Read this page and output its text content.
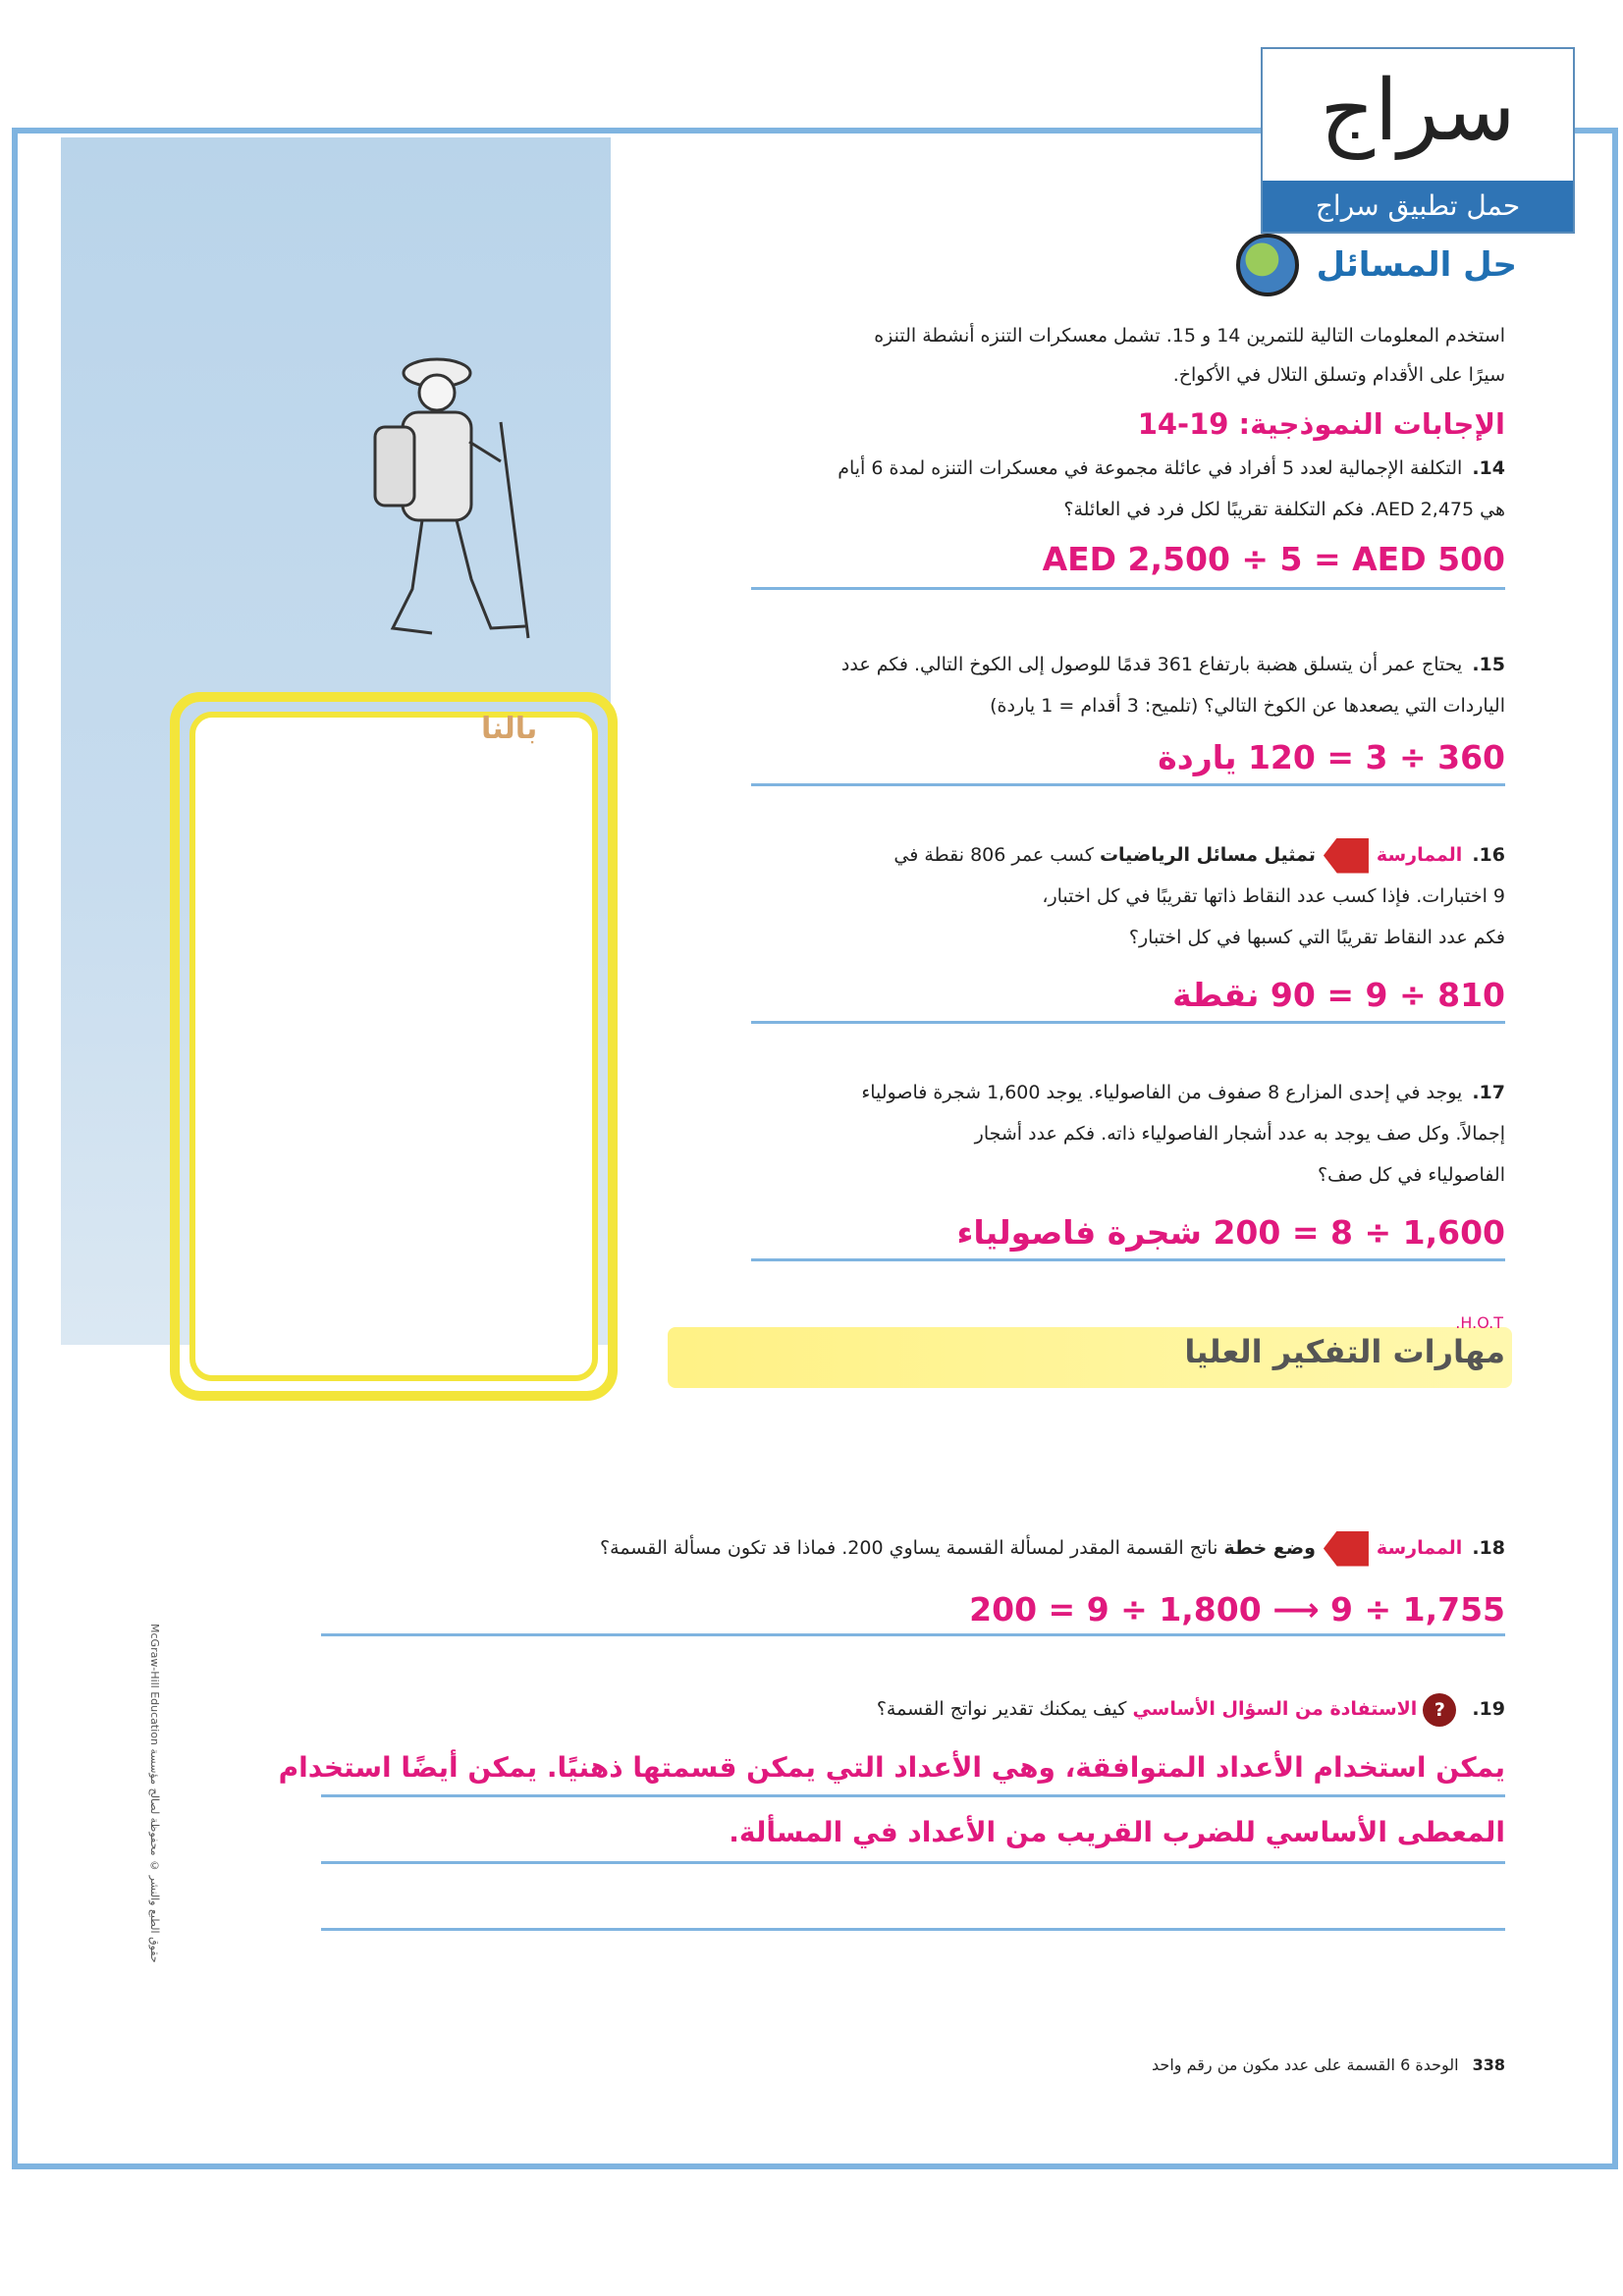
سراج
حمل تطبيق سراج
حل المسائل
استخدم المعلومات التالية للتمرين 14 و 15. تشمل معسكرات التنزه أنشطة التنزه
سيرًا على الأقدام وتسلق التلال في الأكواخ.
الإجابات النموذجية: 19-14
بالنا
14.التكلفة الإجمالية لعدد 5 أفراد في عائلة مجموعة في معسكرات التنزه لمدة 6 أيام
هي AED 2,475. فكم التكلفة تقريبًا لكل فرد في العائلة؟
AED 2,500 ÷ 5 = AED 500
15.يحتاج عمر أن يتسلق هضبة بارتفاع 361 قدمًا للوصول إلى الكوخ التالي. فكم عدد
الياردات التي يصعدها عن الكوخ التالي؟ (تلميح: 3 أقدام = 1 ياردة)
360 ÷ 3 = 120 ياردة
16.الممارسةتمثيل مسائل الرياضيات كسب عمر 806 نقطة في
9 اختبارات. فإذا كسب عدد النقاط ذاتها تقريبًا في كل اختبار،
فكم عدد النقاط تقريبًا التي كسبها في كل اختبار؟
810 ÷ 9 = 90 نقطة
17.يوجد في إحدى المزارع 8 صفوف من الفاصولياء. يوجد 1,600 شجرة فاصولياء
إجمالاً. وكل صف يوجد به عدد أشجار الفاصولياء ذاته. فكم عدد أشجار
الفاصولياء في كل صف؟
1,600 ÷ 8 = 200 شجرة فاصولياء
H.O.T.
مهارات التفكير العليا
18.الممارسةوضع خطة ناتج القسمة المقدر لمسألة القسمة يساوي 200. فماذا قد تكون مسألة القسمة؟
1,755 ÷ 9 ⟶ 1,800 ÷ 9 = 200
19.?الاستفادة من السؤال الأساسي كيف يمكنك تقدير نواتج القسمة؟
يمكن استخدام الأعداد المتوافقة، وهي الأعداد التي يمكن قسمتها ذهنيًا. يمكن أيضًا استخدام
المعطى الأساسي للضرب القريب من الأعداد في المسألة.
حقوق الطبع والنشر © محفوظة لصالح مؤسسة McGraw-Hill Education
338الوحدة 6 القسمة على عدد مكون من رقم واحد
